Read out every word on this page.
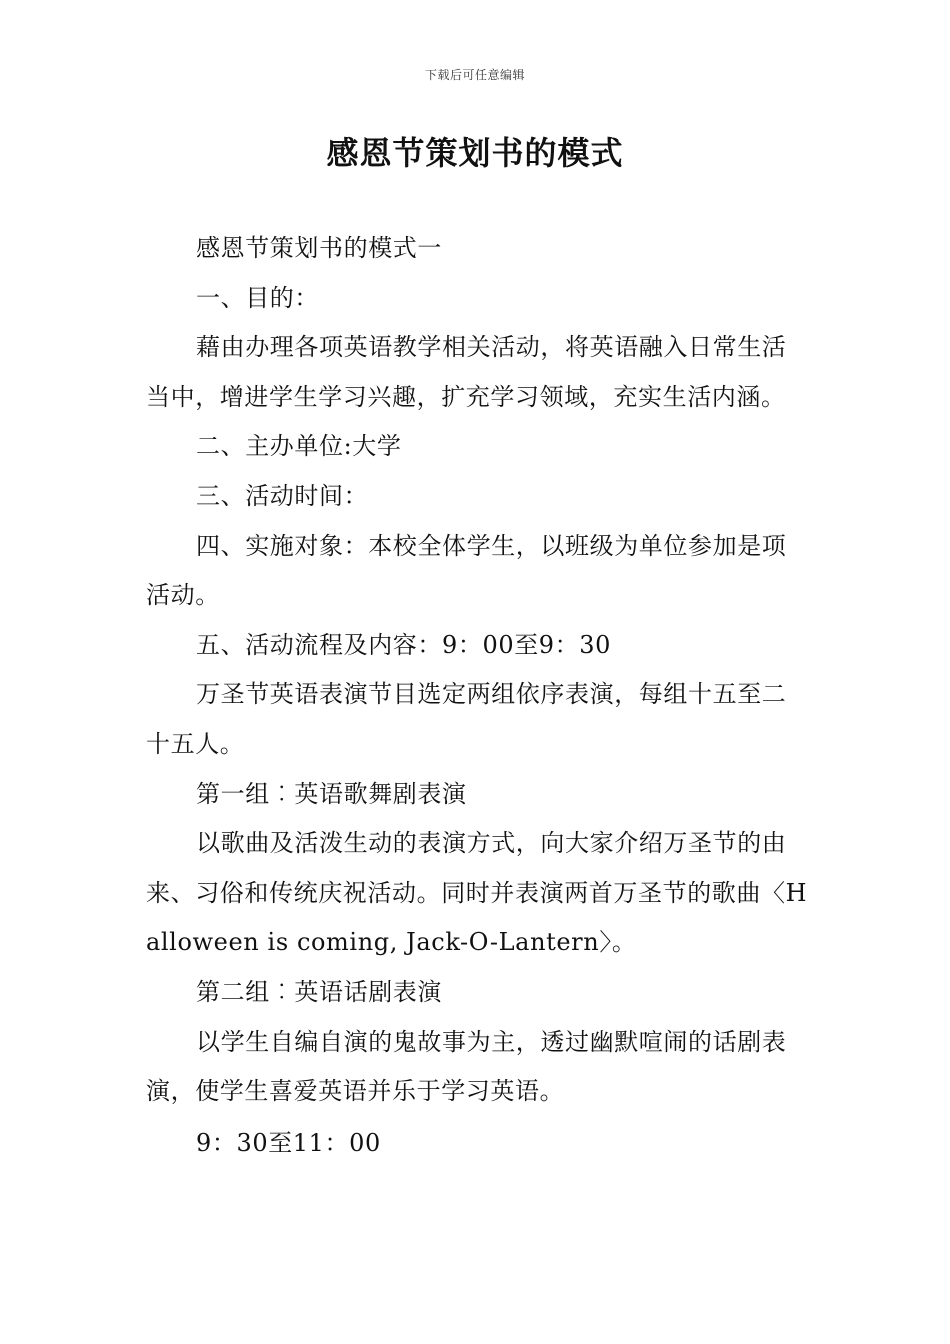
下载后可任意编辑
感恩节策划书的模式

感恩节策划书的模式一

一、目的：

藉由办理各项英语教学相关活动，将英语融入日常生活当中，增进学生学习兴趣，扩充学习领域，充实生活内涵。

二、主办单位:大学

三、活动时间：

四、实施对象：本校全体学生，以班级为单位参加是项活动。

五、活动流程及内容：9：00至9：30

万圣节英语表演节目选定两组依序表演，每组十五至二十五人。

第一组︰英语歌舞剧表演

以歌曲及活泼生动的表演方式，向大家介绍万圣节的由来、习俗和传统庆祝活动。同时并表演两首万圣节的歌曲〈Halloween is coming, Jack-O-Lantern〉。

第二组︰英语话剧表演

以学生自编自演的鬼故事为主，透过幽默喧闹的话剧表演，使学生喜爱英语并乐于学习英语。

9：30至11：00
